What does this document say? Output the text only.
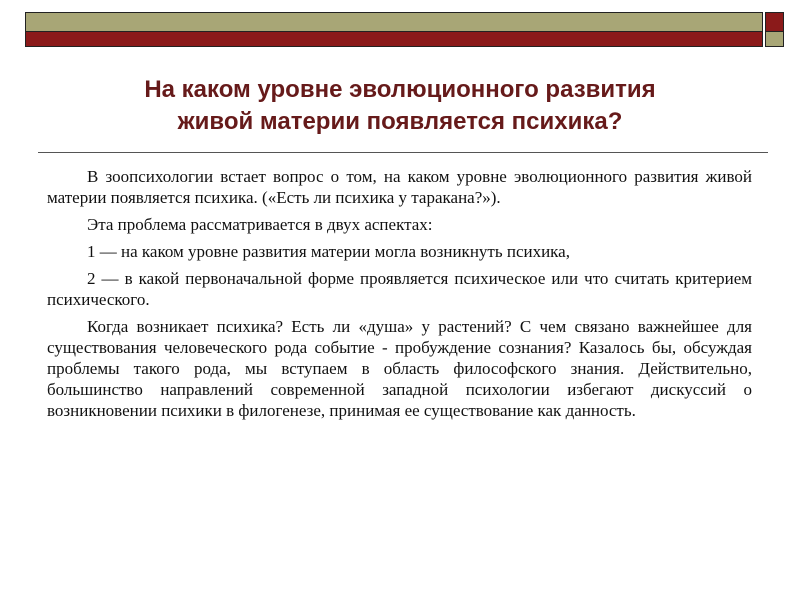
На каком уровне эволюционного развития
живой материи появляется психика?

В зоопсихологии встает вопрос о том, на каком уровне эволюционного развития живой материи появляется психика. («Есть ли психика у таракана?»).

Эта проблема рассматривается в двух аспектах:

1 — на каком уровне развития материи могла возникнуть психика,

2 — в какой первоначальной форме проявляется психическое или что считать критерием психического.

Когда возникает психика? Есть ли «душа» у растений? С чем связано важнейшее для существования человеческого рода событие - пробуждение сознания? Казалось бы, обсуждая проблемы такого рода, мы вступаем в область философского знания. Действительно, большинство направлений современной западной психологии избегают дискуссий о возникновении психики в филогенезе, принимая ее существование как данность.
